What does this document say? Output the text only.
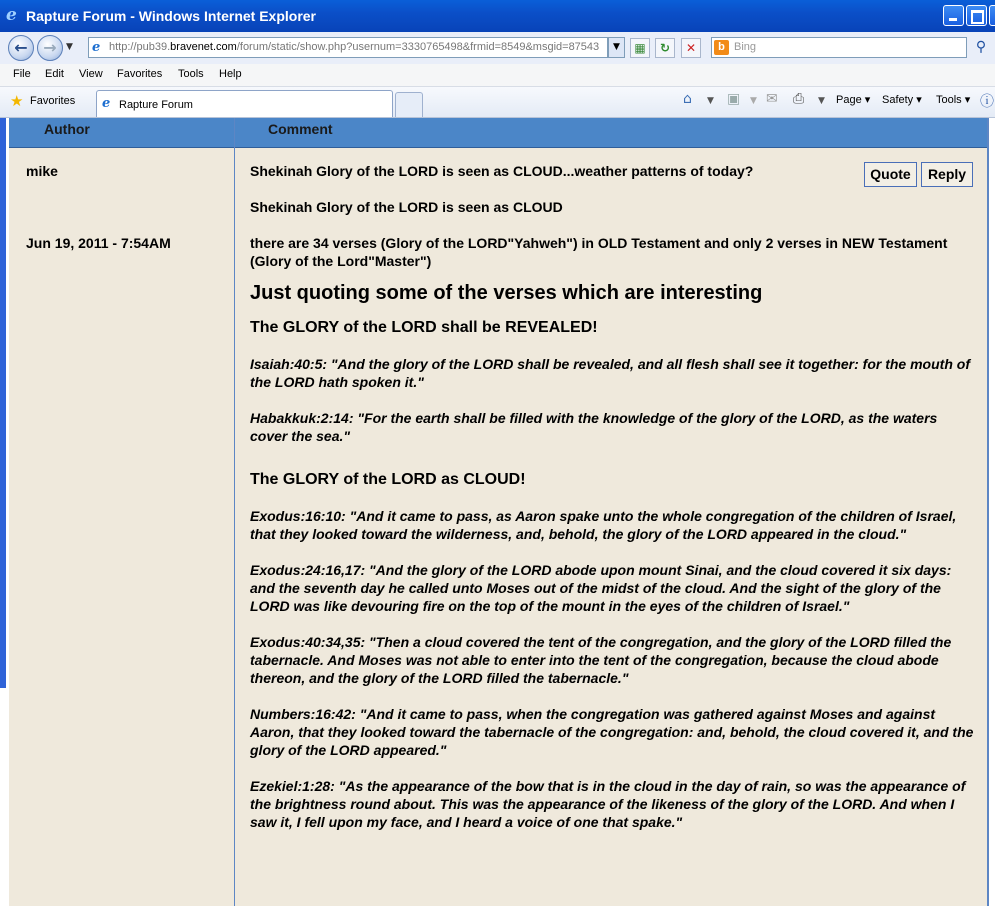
e Rapture Forum - Windows Internet Explorer
← →	▼ e http://pub39.bravenet.com/forum/static/show.php?usernum=3330765498&frmid=8549&msgid=87543	▼	▦	↻	✕	b Bing	⚲
File Edit View Favorites Tools Help
★ Favorites e Rapture Forum	⌂ ▼ ▣ ▼ ✉ ⎙ ▼ Page ▾ Safety ▾ Tools ▾ ⓘ
Author	Comment
mike
Jun 19, 2011 - 7:54AM
Quote	Reply

Shekinah Glory of the LORD is seen as CLOUD...weather patterns of today?

Shekinah Glory of the LORD is seen as CLOUD

there are 34 verses (Glory of the LORD"Yahweh") in OLD Testament and only 2 verses in NEW Testament (Glory of the Lord"Master")

Just quoting some of the verses which are interesting

The GLORY of the LORD shall be REVEALED!

Isaiah:40:5: "And the glory of the LORD shall be revealed, and all flesh shall see it together: for the mouth of the LORD hath spoken it."

Habakkuk:2:14: "For the earth shall be filled with the knowledge of the glory of the LORD, as the waters cover the sea."

The GLORY of the LORD as CLOUD!

Exodus:16:10: "And it came to pass, as Aaron spake unto the whole congregation of the children of Israel, that they looked toward the wilderness, and, behold, the glory of the LORD appeared in the cloud."

Exodus:24:16,17: "And the glory of the LORD abode upon mount Sinai, and the cloud covered it six days: and the seventh day he called unto Moses out of the midst of the cloud. And the sight of the glory of the LORD was like devouring fire on the top of the mount in the eyes of the children of Israel."

Exodus:40:34,35: "Then a cloud covered the tent of the congregation, and the glory of the LORD filled the tabernacle. And Moses was not able to enter into the tent of the congregation, because the cloud abode thereon, and the glory of the LORD filled the tabernacle."

Numbers:16:42: "And it came to pass, when the congregation was gathered against Moses and against Aaron, that they looked toward the tabernacle of the congregation: and, behold, the cloud covered it, and the glory of the LORD appeared."

Ezekiel:1:28: "As the appearance of the bow that is in the cloud in the day of rain, so was the appearance of the brightness round about. This was the appearance of the likeness of the glory of the LORD. And when I saw it, I fell upon my face, and I heard a voice of one that spake."
